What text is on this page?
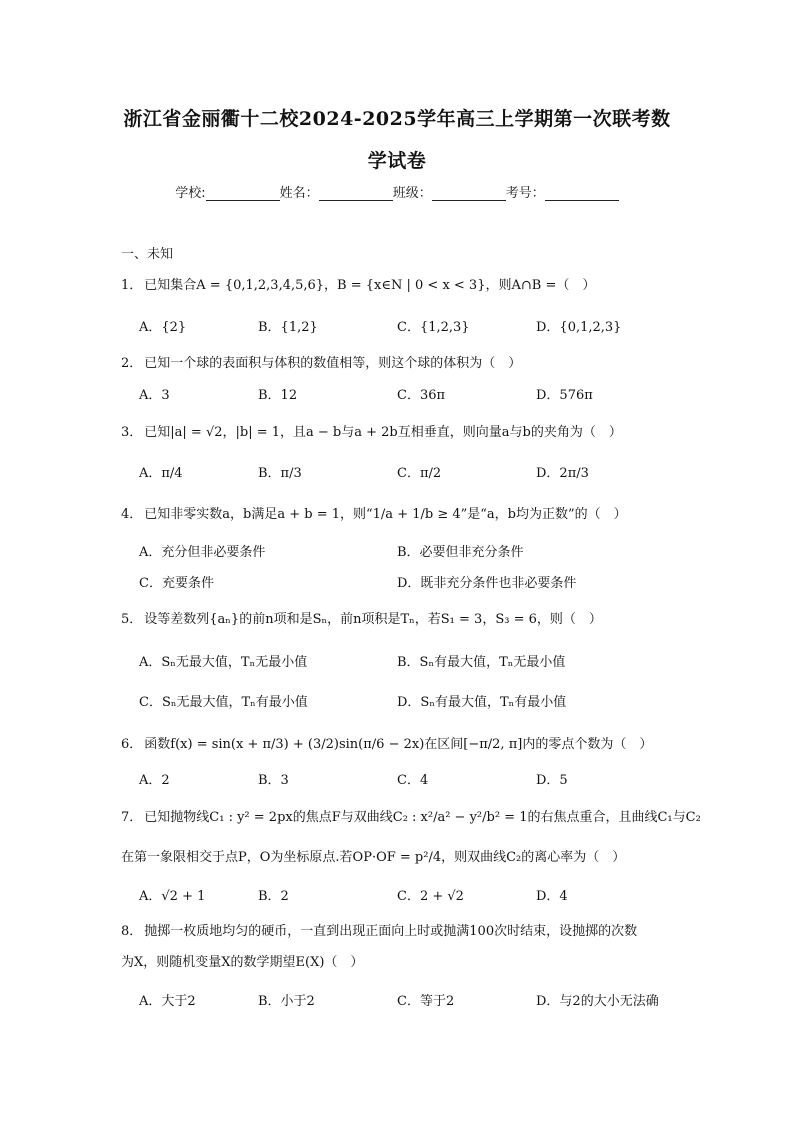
浙江省金丽衢十二校2024-2025学年高三上学期第一次联考数
学试卷
学校:	姓名：	班级：	考号：
一、未知
1． 已知集合A = {0,1,2,3,4,5,6}，B = {x∈N | 0 < x < 3}，则A∩B =（　）
A．{2}	B．{1,2}	C．{1,2,3}	D．{0,1,2,3}
2． 已知一个球的表面积与体积的数值相等，则这个球的体积为（　）
A．3	B．12	C．36π	D．576π
3． 已知|a| = √2，|b| = 1，且a − b与a + 2b互相垂直，则向量a与b的夹角为（　）
A．π/4	B．π/3	C．π/2	D．2π/3
4． 已知非零实数a，b满足a + b = 1，则“1/a + 1/b ≥ 4”是“a，b均为正数”的（　）
A．充分但非必要条件	B．必要但非充分条件
C．充要条件	D．既非充分条件也非必要条件
5． 设等差数列{aₙ}的前n项和是Sₙ，前n项积是Tₙ，若S₁ = 3，S₃ = 6，则（　）
A．Sₙ无最大值，Tₙ无最小值	B．Sₙ有最大值，Tₙ无最小值
C．Sₙ无最大值，Tₙ有最小值	D．Sₙ有最大值，Tₙ有最小值
6． 函数f(x) = sin(x + π/3) + (3/2)sin(π/6 − 2x)在区间[−π/2, π]内的零点个数为（　）
A．2	B．3	C．4	D．5
7． 已知抛物线C₁ : y² = 2px的焦点F与双曲线C₂ : x²/a² − y²/b² = 1的右焦点重合，且曲线C₁与C₂
在第一象限相交于点P，O为坐标原点.若OP·OF = p²/4，则双曲线C₂的离心率为（　）
A．√2 + 1	B．2	C．2 + √2	D．4
8． 抛掷一枚质地均匀的硬币，一直到出现正面向上时或抛满100次时结束，设抛掷的次数
为X，则随机变量X的数学期望E(X)（　）
A．大于2	B．小于2	C．等于2	D．与2的大小无法确
